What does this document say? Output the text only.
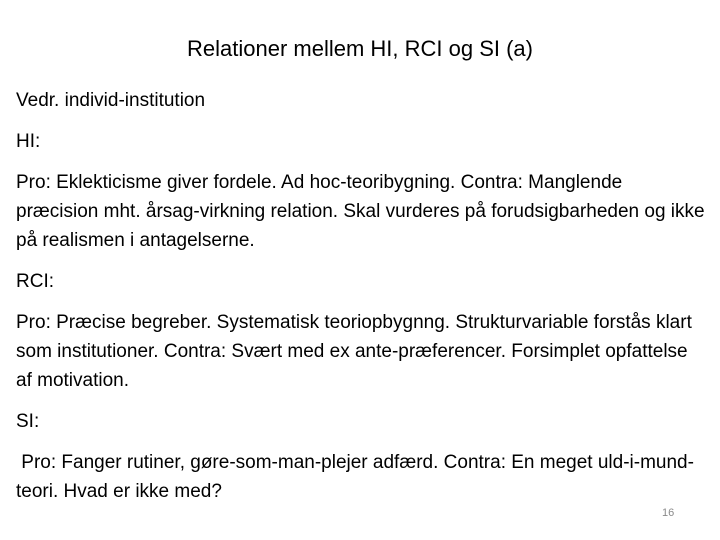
Relationer mellem HI, RCI og SI (a)

Vedr. individ-institution

HI:

Pro: Eklekticisme giver fordele. Ad hoc-teoribygning. Contra: Manglende præcision mht. årsag-virkning relation. Skal vurderes på forudsigbarheden og ikke på realismen i antagelserne.

RCI:

Pro: Præcise begreber. Systematisk teoriopbygnng. Strukturvariable forstås klart som institutioner. Contra: Svært med ex ante-præferencer. Forsimplet opfattelse af motivation.

SI:

Pro: Fanger rutiner, gøre-som-man-plejer adfærd. Contra: En meget uld-i-mund-teori. Hvad er ikke med?

16
